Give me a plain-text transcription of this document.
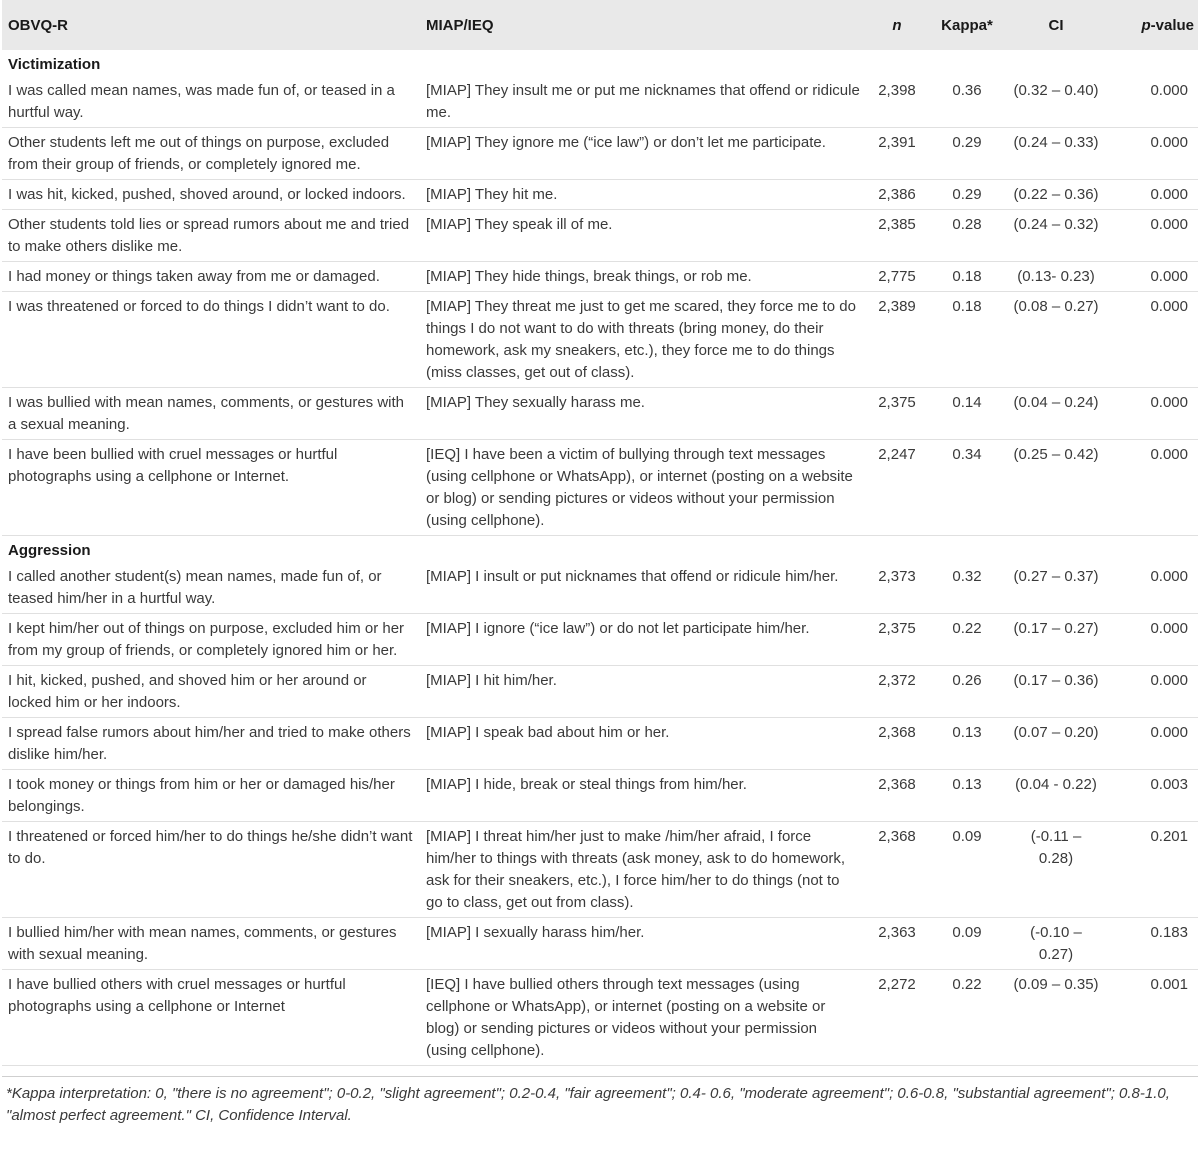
OBVQ-R	MIAP/IEQ	n	Kappa*	CI	p-value
Victimization					
I was called mean names, was made fun of, or teased in a hurtful way.	[MIAP] They insult me or put me nicknames that offend or ridicule me.	2,398	0.36	(0.32 – 0.40)	0.000
Other students left me out of things on purpose, excluded from their group of friends, or completely ignored me.	[MIAP] They ignore me (“ice law”) or don’t let me participate.	2,391	0.29	(0.24 – 0.33)	0.000
I was hit, kicked, pushed, shoved around, or locked indoors.	[MIAP] They hit me.	2,386	0.29	(0.22 – 0.36)	0.000
Other students told lies or spread rumors about me and tried to make others dislike me.	[MIAP] They speak ill of me.	2,385	0.28	(0.24 – 0.32)	0.000
I had money or things taken away from me or damaged.	[MIAP] They hide things, break things, or rob me.	2,775	0.18	(0.13- 0.23)	0.000
I was threatened or forced to do things I didn’t want to do.	[MIAP] They threat me just to get me scared, they force me to do things I do not want to do with threats (bring money, do their homework, ask my sneakers, etc.), they force me to do things (miss classes, get out of class).	2,389	0.18	(0.08 – 0.27)	0.000
I was bullied with mean names, comments, or gestures with a sexual meaning.	[MIAP] They sexually harass me.	2,375	0.14	(0.04 – 0.24)	0.000
I have been bullied with cruel messages or hurtful photographs using a cellphone or Internet.	[IEQ] I have been a victim of bullying through text messages (using cellphone or WhatsApp), or internet (posting on a website or blog) or sending pictures or videos without your permission (using cellphone).	2,247	0.34	(0.25 – 0.42)	0.000
Aggression					
I called another student(s) mean names, made fun of, or teased him/her in a hurtful way.	[MIAP] I insult or put nicknames that offend or ridicule him/her.	2,373	0.32	(0.27 – 0.37)	0.000
I kept him/her out of things on purpose, excluded him or her from my group of friends, or completely ignored him or her.	[MIAP] I ignore (“ice law”) or do not let participate him/her.	2,375	0.22	(0.17 – 0.27)	0.000
I hit, kicked, pushed, and shoved him or her around or locked him or her indoors.	[MIAP] I hit him/her.	2,372	0.26	(0.17 – 0.36)	0.000
I spread false rumors about him/her and tried to make others dislike him/her.	[MIAP] I speak bad about him or her.	2,368	0.13	(0.07 – 0.20)	0.000
I took money or things from him or her or damaged his/her belongings.	[MIAP] I hide, break or steal things from him/her.	2,368	0.13	(0.04 - 0.22)	0.003
I threatened or forced him/her to do things he/she didn’t want to do.	[MIAP] I threat him/her just to make /him/her afraid, I force him/her to things with threats (ask money, ask to do homework, ask for their sneakers, etc.), I force him/her to do things (not to go to class, get out from class).	2,368	0.09	(-0.11 – 0.28)	0.201
I bullied him/her with mean names, comments, or gestures with sexual meaning.	[MIAP] I sexually harass him/her.	2,363	0.09	(-0.10 – 0.27)	0.183
I have bullied others with cruel messages or hurtful photographs using a cellphone or Internet	[IEQ] I have bullied others through text messages (using cellphone or WhatsApp), or internet (posting on a website or blog) or sending pictures or videos without your permission (using cellphone).	2,272	0.22	(0.09 – 0.35)	0.001
*Kappa interpretation: 0, "there is no agreement"; 0-0.2, "slight agreement"; 0.2-0.4, "fair agreement"; 0.4- 0.6, "moderate agreement"; 0.6-0.8, "substantial agreement"; 0.8-1.0, "almost perfect agreement." CI, Confidence Interval.
